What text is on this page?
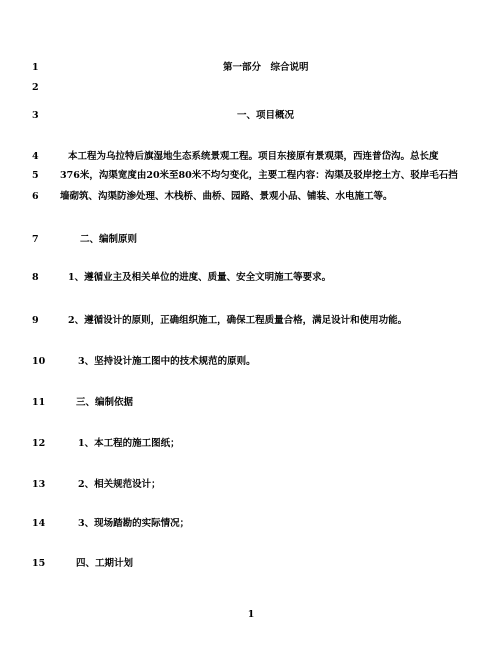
1	第一部分　综合说明
2
3	一、项目概况
4	本工程为乌拉特后旗湿地生态系统景观工程。项目东接原有景观渠，西连普岱沟。总长度
5	376米，沟渠宽度由20米至80米不均匀变化，主要工程内容：沟渠及驳岸挖土方、驳岸毛石挡
6	墙砌筑、沟渠防渗处理、木栈桥、曲桥、园路、景观小品、铺装、水电施工等。
7	二、编制原则
8	1、遵循业主及相关单位的进度、质量、安全文明施工等要求。
9	2、遵循设计的原则，正确组织施工，确保工程质量合格，满足设计和使用功能。
10	3、坚持设计施工图中的技术规范的原则。
11	三、编制依据
12	1、本工程的施工图纸；
13	2、相关规范设计；
14	3、现场踏勘的实际情况；
15	四、工期计划
1
